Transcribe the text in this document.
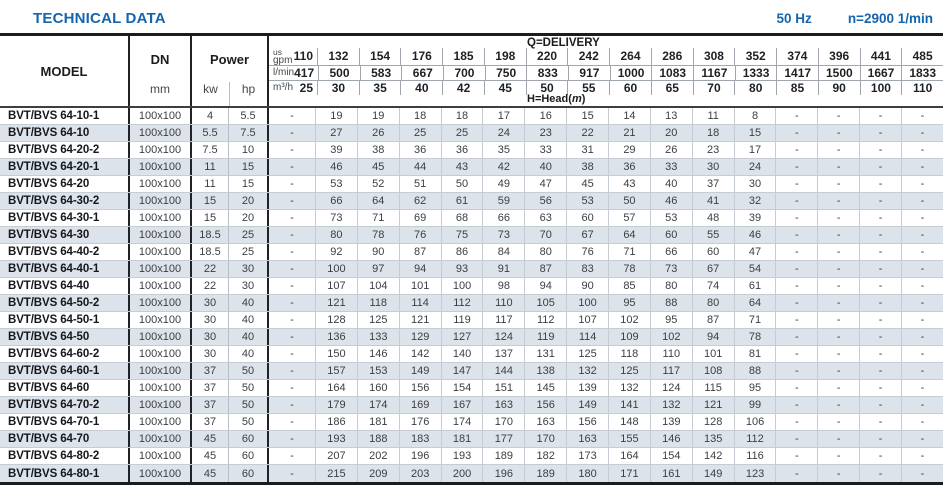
TECHNICAL DATA	50 Hz	n=2900 1/min
MODEL
DN
mm
Power
kw	hp
Q=DELIVERY
us
gpm 110	132	154	176	185	198	220	242	264	286	308	352	374	396	441	485
l/min 417	500	583	667	700	750	833	917	1000	1083	1167	1333	1417	1500	1667	1833
m³/h 25	30	35	40	42	45	50	55	60	65	70	80	85	90	100	110
H=Head(m)
BVT/BVS 64-10-1	100x100	4	5.5	-	19	19	18	18	17	16	15	14	13	11	8	-	-	-	-
BVT/BVS 64-10	100x100	5.5	7.5	-	27	26	25	25	24	23	22	21	20	18	15	-	-	-	-
BVT/BVS 64-20-2	100x100	7.5	10	-	39	38	36	36	35	33	31	29	26	23	17	-	-	-	-
BVT/BVS 64-20-1	100x100	11	15	-	46	45	44	43	42	40	38	36	33	30	24	-	-	-	-
BVT/BVS 64-20	100x100	11	15	-	53	52	51	50	49	47	45	43	40	37	30	-	-	-	-
BVT/BVS 64-30-2	100x100	15	20	-	66	64	62	61	59	56	53	50	46	41	32	-	-	-	-
BVT/BVS 64-30-1	100x100	15	20	-	73	71	69	68	66	63	60	57	53	48	39	-	-	-	-
BVT/BVS 64-30	100x100	18.5	25	-	80	78	76	75	73	70	67	64	60	55	46	-	-	-	-
BVT/BVS 64-40-2	100x100	18.5	25	-	92	90	87	86	84	80	76	71	66	60	47	-	-	-	-
BVT/BVS 64-40-1	100x100	22	30	-	100	97	94	93	91	87	83	78	73	67	54	-	-	-	-
BVT/BVS 64-40	100x100	22	30	-	107	104	101	100	98	94	90	85	80	74	61	-	-	-	-
BVT/BVS 64-50-2	100x100	30	40	-	121	118	114	112	110	105	100	95	88	80	64	-	-	-	-
BVT/BVS 64-50-1	100x100	30	40	-	128	125	121	119	117	112	107	102	95	87	71	-	-	-	-
BVT/BVS 64-50	100x100	30	40	-	136	133	129	127	124	119	114	109	102	94	78	-	-	-	-
BVT/BVS 64-60-2	100x100	30	40	-	150	146	142	140	137	131	125	118	110	101	81	-	-	-	-
BVT/BVS 64-60-1	100x100	37	50	-	157	153	149	147	144	138	132	125	117	108	88	-	-	-	-
BVT/BVS 64-60	100x100	37	50	-	164	160	156	154	151	145	139	132	124	115	95	-	-	-	-
BVT/BVS 64-70-2	100x100	37	50	-	179	174	169	167	163	156	149	141	132	121	99	-	-	-	-
BVT/BVS 64-70-1	100x100	37	50	-	186	181	176	174	170	163	156	148	139	128	106	-	-	-	-
BVT/BVS 64-70	100x100	45	60	-	193	188	183	181	177	170	163	155	146	135	112	-	-	-	-
BVT/BVS 64-80-2	100x100	45	60	-	207	202	196	193	189	182	173	164	154	142	116	-	-	-	-
BVT/BVS 64-80-1	100x100	45	60	-	215	209	203	200	196	189	180	171	161	149	123	-	-	-	-
